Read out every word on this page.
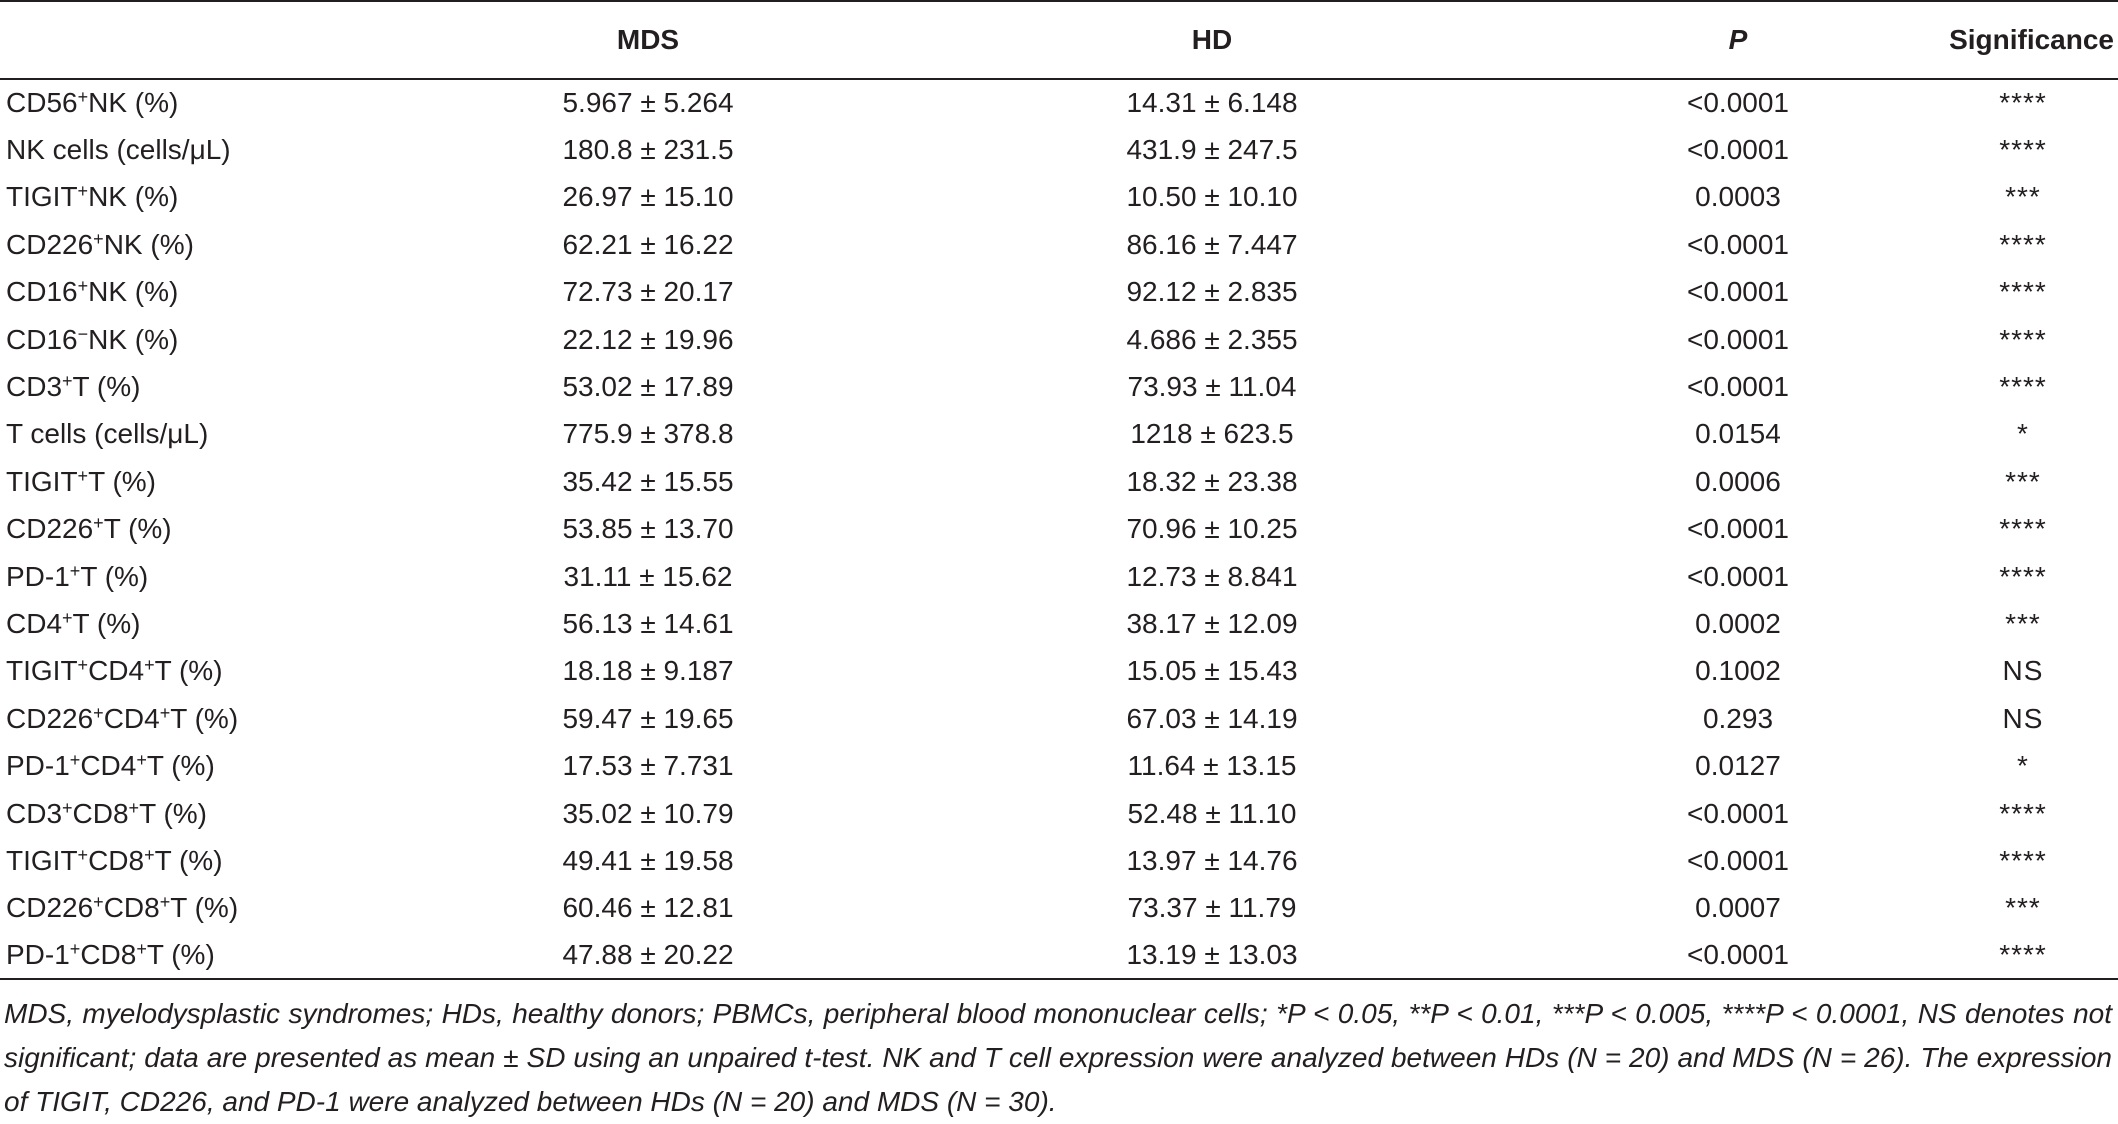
	MDS	HD	P	Significance
CD56+NK (%)	5.967 ± 5.264	14.31 ± 6.148	<0.0001	****
NK cells (cells/μL)	180.8 ± 231.5	431.9 ± 247.5	<0.0001	****
TIGIT+NK (%)	26.97 ± 15.10	10.50 ± 10.10	0.0003	***
CD226+NK (%)	62.21 ± 16.22	86.16 ± 7.447	<0.0001	****
CD16+NK (%)	72.73 ± 20.17	92.12 ± 2.835	<0.0001	****
CD16−NK (%)	22.12 ± 19.96	4.686 ± 2.355	<0.0001	****
CD3+T (%)	53.02 ± 17.89	73.93 ± 11.04	<0.0001	****
T cells (cells/μL)	775.9 ± 378.8	1218 ± 623.5	0.0154	*
TIGIT+T (%)	35.42 ± 15.55	18.32 ± 23.38	0.0006	***
CD226+T (%)	53.85 ± 13.70	70.96 ± 10.25	<0.0001	****
PD-1+T (%)	31.11 ± 15.62	12.73 ± 8.841	<0.0001	****
CD4+T (%)	56.13 ± 14.61	38.17 ± 12.09	0.0002	***
TIGIT+CD4+T (%)	18.18 ± 9.187	15.05 ± 15.43	0.1002	NS
CD226+CD4+T (%)	59.47 ± 19.65	67.03 ± 14.19	0.293	NS
PD-1+CD4+T (%)	17.53 ± 7.731	11.64 ± 13.15	0.0127	*
CD3+CD8+T (%)	35.02 ± 10.79	52.48 ± 11.10	<0.0001	****
TIGIT+CD8+T (%)	49.41 ± 19.58	13.97 ± 14.76	<0.0001	****
CD226+CD8+T (%)	60.46 ± 12.81	73.37 ± 11.79	0.0007	***
PD-1+CD8+T (%)	47.88 ± 20.22	13.19 ± 13.03	<0.0001	****
MDS, myelodysplastic syndromes; HDs, healthy donors; PBMCs, peripheral blood mononuclear cells; *P < 0.05, **P < 0.01, ***P < 0.005, ****P < 0.0001, NS denotes not significant; data are presented as mean ± SD using an unpaired t-test. NK and T cell expression were analyzed between HDs (N = 20) and MDS (N = 26). The expression of TIGIT, CD226, and PD-1 were analyzed between HDs (N = 20) and MDS (N = 30).
